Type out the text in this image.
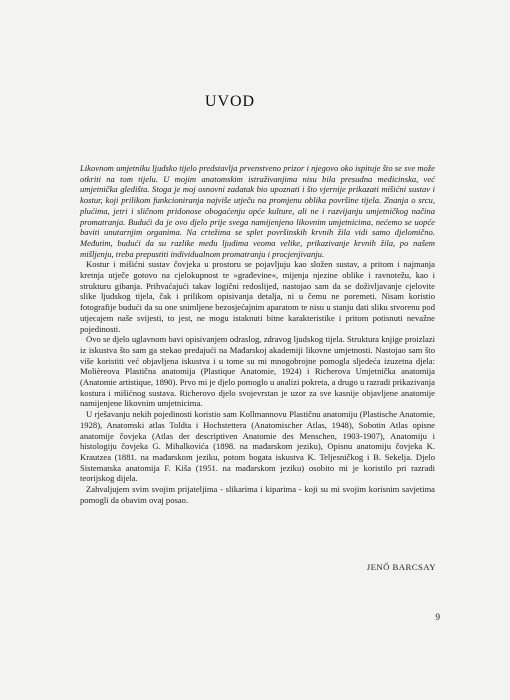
UVOD

Likovnom umjetniku ljudsko tijelo predstavlja prvenstveno prizor i njegovo oko ispituje što se sve može otkriti na tom tijelu. U mojim anatomskim istraživanjima nisu bila presudna medicinska, već umjetnička gledišta. Stoga je moj osnovni zadatak bio upoznati i što vjernije prikazati mišićni sustav i kostur, koji prilikom funkcioniranja najviše utječu na promjenu oblika površine tijela. Znanja o srcu, plućima, jetri i sličnom pridonose obogaćenju opće kulture, ali ne i razvijanju umjetničkog načina promatranja. Budući da je ovo djelo prije svega namijenjeno likovnim umjetnicima, nećemo se uopće baviti unutarnjim organima. Na crtežima se splet površinskih krvnih žila vidi samo djelomično. Međutim, budući da su razlike među ljudima veoma velike, prikazivanje krvnih žila, po našem mišljenju, treba prepustiti individualnom promatranju i procjenjivanju.

Kostur i mišićni sustav čovjeka u prostoru se pojavljuju kao složen sustav, a pritom i najmanja kretnja utječe gotovo na cjelokupnost te »građevine«, mijenja njezine oblike i ravnotežu, kao i strukturu gibanja. Prihvaćajući takav logični redoslijed, nastojao sam da se doživljavanje cjelovite slike ljudskog tijela, čak i prilikom opisivanja detalja, ni u čemu ne poremeti. Nisam koristio fotografije budući da su one snimljene bezosjećajnim aparatom te nisu u stanju dati sliku stvorenu pod utjecajem naše svijesti, to jest, ne mogu istaknuti bitne karakteristike i pritom potisnuti nevažne pojedinosti.

Ovo se djelo uglavnom bavi opisivanjem odraslog, zdravog ljudskog tijela. Struktura knjige proizlazi iz iskustva što sam ga stekao predajući na Mađarskoj akademiji likovne umjetnosti. Nastojao sam što više koristiti već objavljena iskustva i u tome su mi mnogobrojne pomogla sljedeća izuzetna djela: Molièreova Plastična anatomija (Plastique Anatomie, 1924) i Richerova Umjetnička anatomija (Anatomie artistique, 1890). Prvo mi je djelo pomoglo u analizi pokreta, a drugo u razradi prikazivanja kostura i mišićnog sustava. Richerovo djelo svojevrstan je uzor za sve kasnije objavljene anatomije namijenjene likovnim umjetnicima.

U rješavanju nekih pojedinosti koristio sam Kollmannovu Plastičnu anatomiju (Plastische Anatomie, 1928), Anatomski atlas Toldta i Hochstettera (Anatomischer Atlas, 1948), Sobotin Atlas opisne anatomije čovjeka (Atlas der descriptiven Anatomie des Menschen, 1903-1907), Anatomiju i histologiju čovjeka G. Mihalkovića (1898. na mađarskom jeziku), Opisnu anatomiju čovjeka K. Krautzea (1881. na mađarskom jeziku, potom bogata iskustva K. Teljesničkog i B. Sekelja. Djelo Sistematska anatomija F. Kiša (1951. na mađarskom jeziku) osobito mi je koristilo pri razradi teorijskog dijela.

Zahvaljujem svim svojim prijateljima - slikarima i kiparima - koji su mi svojim korisnim savjetima pomogli da obavim ovaj posao.

JENŐ BARCSAY
9
